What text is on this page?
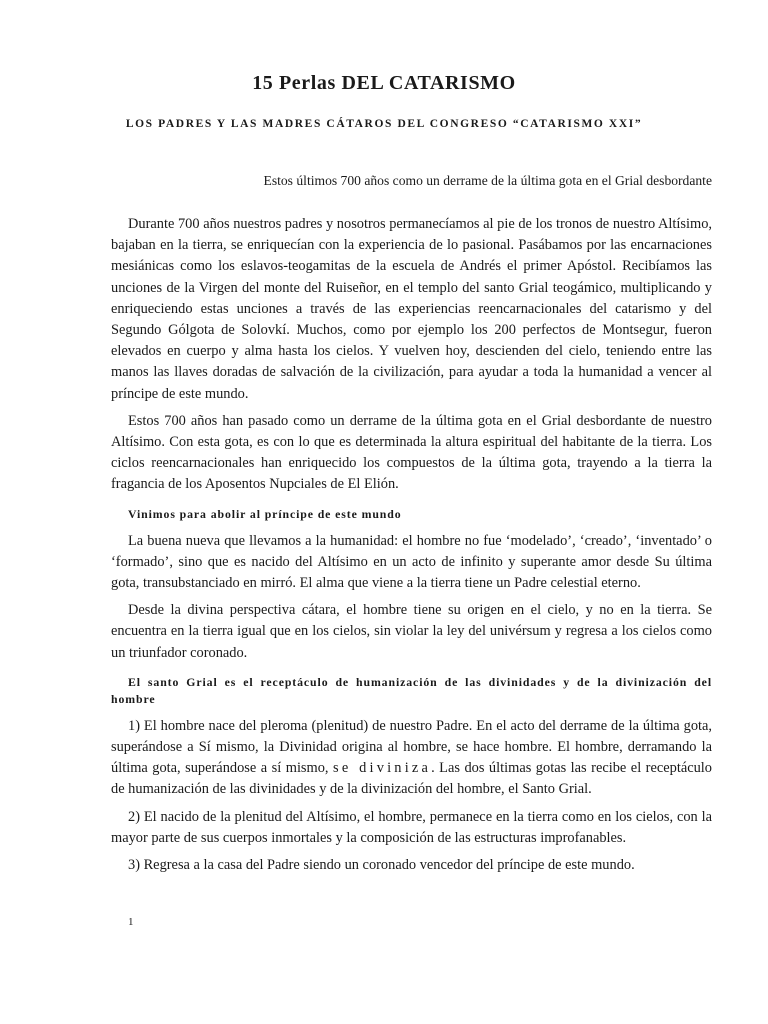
15 Perlas DEL CATARISMO
LOS PADRES Y LAS MADRES CÁTAROS DEL CONGRESO “CATARISMO XXI”
Estos últimos 700 años como un derrame de la última gota en el Grial desbordante

Durante 700 años nuestros padres y nosotros permanecíamos al pie de los tronos de nuestro Altísimo, bajaban en la tierra, se enriquecían con la experiencia de lo pasional. Pasábamos por las encarnaciones mesiánicas como los eslavos-teogamitas de la escuela de Andrés el primer Apóstol. Recibíamos las unciones de la Virgen del monte del Ruiseñor, en el templo del santo Grial teogámico, multiplicando y enriqueciendo estas unciones a través de las experiencias reencarnacionales del catarismo y del Segundo Gólgota de Solovkí. Muchos, como por ejemplo los 200 perfectos de Montsegur, fueron elevados en cuerpo y alma hasta los cielos. Y vuelven hoy, descienden del cielo, teniendo entre las manos las llaves doradas de salvación de la civilización, para ayudar a toda la humanidad a vencer al príncipe de este mundo.

Estos 700 años han pasado como un derrame de la última gota en el Grial desbordante de nuestro Altísimo. Con esta gota, es con lo que es determinada la altura espiritual del habitante de la tierra. Los ciclos reencarnacionales han enriquecido los compuestos de la última gota, trayendo a la tierra la fragancia de los Aposentos Nupciales de El Elión.

Vinimos para abolir al príncipe de este mundo

La buena nueva que llevamos a la humanidad: el hombre no fue ‘modelado’, ‘creado’, ‘inventado’ o ‘formado’, sino que es nacido del Altísimo en un acto de infinito y superante amor desde Su última gota, transubstanciado en mirró. El alma que viene a la tierra tiene un Padre celestial eterno.

Desde la divina perspectiva cátara, el hombre tiene su origen en el cielo, y no en la tierra. Se encuentra en la tierra igual que en los cielos, sin violar la ley del univérsum y regresa a los cielos como un triunfador coronado.

El santo Grial es el receptáculo de humanización de las divinidades y de la divinización del hombre

1) El hombre nace del pleroma (plenitud) de nuestro Padre. En el acto del derrame de la última gota, superándose a Sí mismo, la Divinidad origina al hombre, se hace hombre. El hombre, derramando la última gota, superándose a sí mismo, se diviniza. Las dos últimas gotas las recibe el receptáculo de humanización de las divinidades y de la divinización del hombre, el Santo Grial.

2) El nacido de la plenitud del Altísimo, el hombre, permanece en la tierra como en los cielos, con la mayor parte de sus cuerpos inmortales y la composición de las estructuras improfanables.

3) Regresa a la casa del Padre siendo un coronado vencedor del príncipe de este mundo.

1
